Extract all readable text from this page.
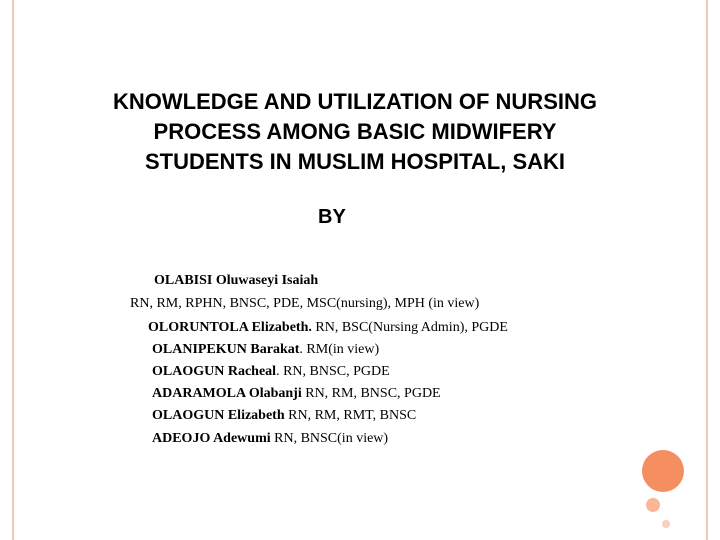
KNOWLEDGE AND UTILIZATION OF NURSING
PROCESS AMONG BASIC MIDWIFERY
STUDENTS IN MUSLIM HOSPITAL, SAKI
BY
OLABISI Oluwaseyi Isaiah
RN, RM, RPHN, BNSC, PDE, MSC(nursing), MPH (in view)
OLORUNTOLA Elizabeth. RN, BSC(Nursing Admin), PGDE
OLANIPEKUN Barakat. RM(in view)
OLAOGUN Racheal. RN, BNSC, PGDE
ADARAMOLA Olabanji RN, RM, BNSC, PGDE
OLAOGUN Elizabeth RN, RM, RMT, BNSC
ADEOJO Adewumi RN, BNSC(in view)
